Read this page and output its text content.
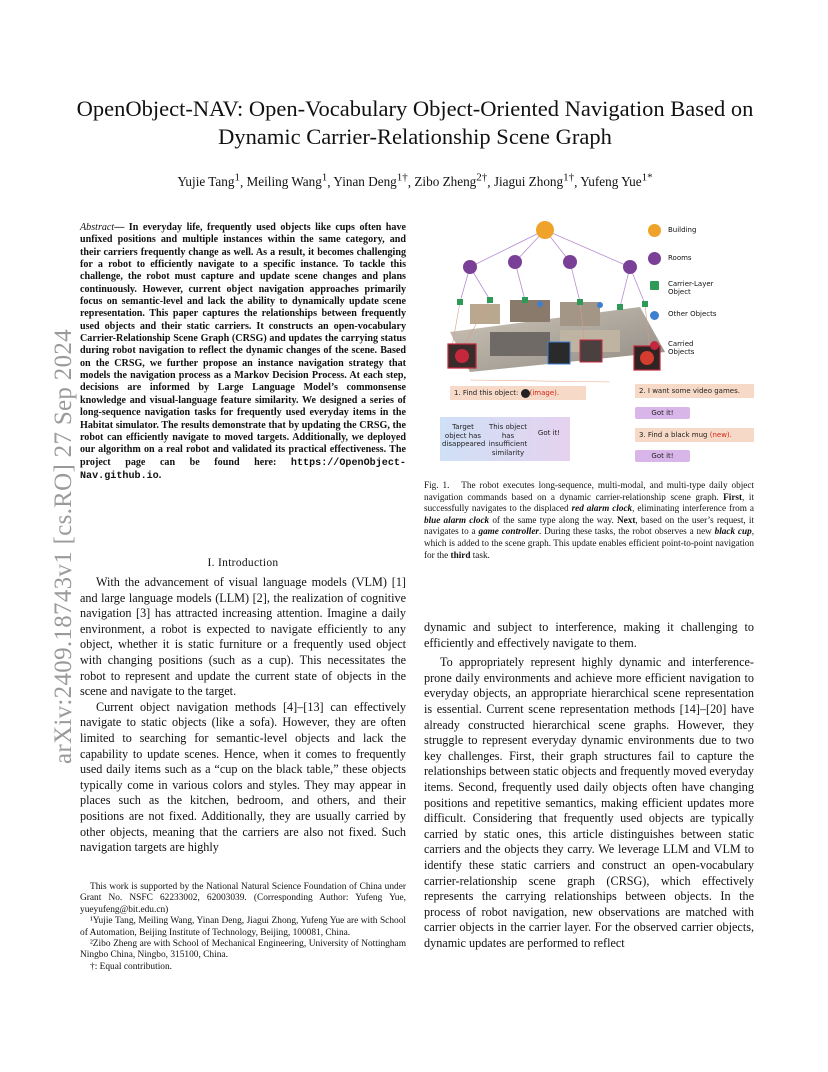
arXiv:2409.18743v1 [cs.RO] 27 Sep 2024
OpenObject-NAV: Open-Vocabulary Object-Oriented Navigation Based on
Dynamic Carrier-Relationship Scene Graph
Yujie Tang$^1$, Meiling Wang$^1$, Yinan Deng$^{1\dagger}$, Zibo Zheng$^{2\dagger}$, Jiagui Zhong$^{1\dagger}$, Yufeng Yue$^{1*}$
Abstract— In everyday life, frequently used objects like cups often have unfixed positions and multiple instances within the same category, and their carriers frequently change as well. As a result, it becomes challenging for a robot to efficiently navigate to a specific instance. To tackle this challenge, the robot must capture and update scene changes and plans continuously. However, current object navigation approaches primarily focus on semantic-level and lack the ability to dynamically update scene representation. This paper captures the relationships between frequently used objects and their static carriers. It constructs an open-vocabulary Carrier-Relationship Scene Graph (CRSG) and updates the carrying status during robot navigation to reflect the dynamic changes of the scene. Based on the CRSG, we further propose an instance navigation strategy that models the navigation process as a Markov Decision Process. At each step, decisions are informed by Large Language Model’s commonsense knowledge and visual-language feature similarity. We designed a series of long-sequence navigation tasks for frequently used everyday items in the Habitat simulator. The results demonstrate that by updating the CRSG, the robot can efficiently navigate to moved targets. Additionally, we deployed our algorithm on a real robot and validated its practical effectiveness. The project page can be found here: https://OpenObject-Nav.github.io.
I. Introduction

With the advancement of visual language models (VLM) [1] and large language models (LLM) [2], the realization of cognitive navigation [3] has attracted increasing attention. Imagine a daily environment, a robot is expected to navigate efficiently to any object, whether it is static furniture or a frequently used object with changing positions (such as a cup). This necessitates the robot to represent and update the current state of objects in the scene and navigate to the target.

Current object navigation methods [4]–[13] can effectively navigate to static objects (like a sofa). However, they are often limited to searching for semantic-level objects and lack the capability to update scenes. Hence, when it comes to frequently used daily items such as a “cup on the black table,” these objects typically come in various colors and styles. They may appear in places such as the kitchen, bedroom, and others, and their positions are not fixed. Additionally, they are usually carried by other objects, meaning that the carriers are also not fixed. Such navigation targets are highly

This work is supported by the National Natural Science Foundation of China under Grant No. NSFC 62233002, 62003039. (Corresponding Author: Yufeng Yue, yueyufeng@bit.edu.cn)

¹Yujie Tang, Meiling Wang, Yinan Deng, Jiagui Zhong, Yufeng Yue are with School of Automation, Beijing Institute of Technology, Beijing, 100081, China.

²Zibo Zheng are with School of Mechanical Engineering, University of Nottingham Ningbo China, Ningbo, 315100, China.

†: Equal contribution.

Building
Rooms
Carrier-Layer Object
Other Objects
Carried Objects
1. Find this object: (image).	2. I want some video games.
Got it!
3. Find a black mug (new).
Got it!
Target object has disappeared
This object has insufficient similarity
Got it!
Fig. 1. The robot executes long-sequence, multi-modal, and multi-type daily object navigation commands based on a dynamic carrier-relationship scene graph. First, it successfully navigates to the displaced red alarm clock, eliminating interference from a blue alarm clock of the same type along the way. Next, based on the user’s request, it navigates to a game controller. During these tasks, the robot observes a new black cup, which is added to the scene graph. This update enables efficient point-to-point navigation for the third task.

dynamic and subject to interference, making it challenging to efficiently and effectively navigate to them.

To appropriately represent highly dynamic and interference-prone daily environments and achieve more efficient navigation to everyday objects, an appropriate hierarchical scene representation is essential. Current scene representation methods [14]–[20] have already constructed hierarchical scene graphs. However, they struggle to represent everyday dynamic environments due to two key challenges. First, their graph structures fail to capture the relationships between static objects and frequently moved everyday items. Second, frequently used daily objects often have changing positions and repetitive semantics, making efficient updates more difficult. Considering that frequently used objects are typically carried by static ones, this article distinguishes between static carriers and the objects they carry. We leverage LLM and VLM to identify these static carriers and construct an open-vocabulary carrier-relationship scene graph (CRSG), which effectively represents the carrying relationships between objects. In the process of robot navigation, new observations are matched with carrier objects in the carrier layer. For the observed carrier objects, dynamic updates are performed to reflect
